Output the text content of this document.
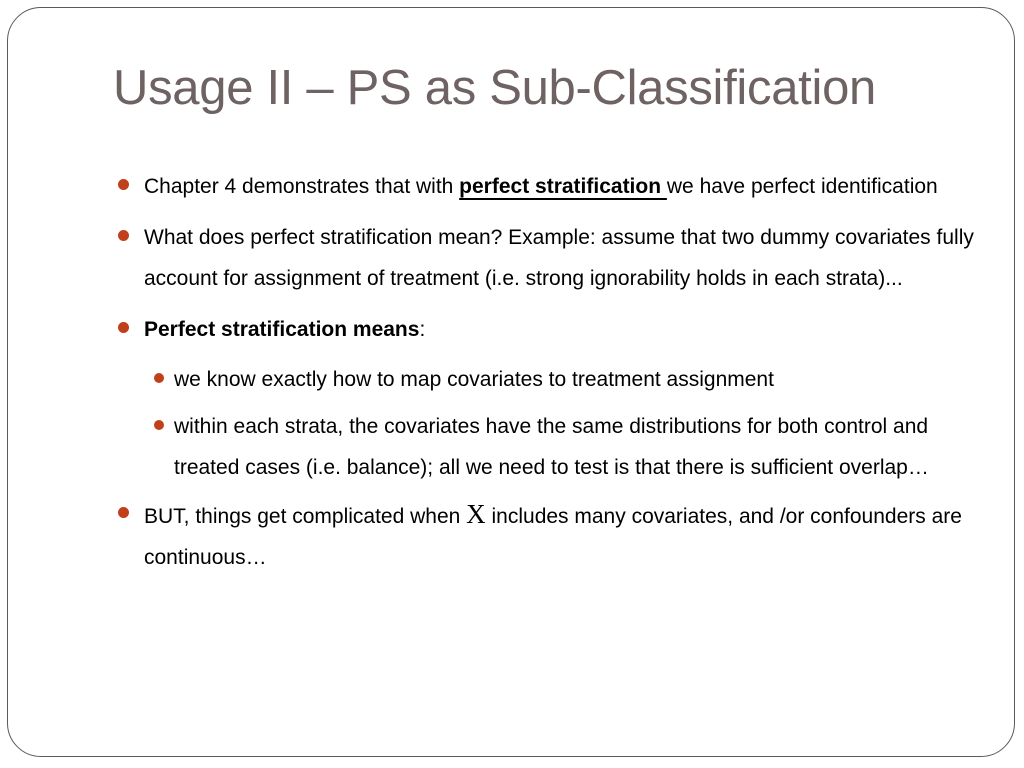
Usage II – PS as Sub-Classification
Chapter 4 demonstrates that with perfect stratification we have perfect identification
What does perfect stratification mean? Example: assume that two dummy covariates fully account for assignment of treatment (i.e. strong ignorability holds in each strata)...
Perfect stratification means:
we know exactly how to map covariates to treatment assignment
within each strata, the covariates have the same distributions for both control and treated cases (i.e. balance); all we need to test is that there is sufficient overlap…
BUT, things get complicated when X includes many covariates, and /or confounders are continuous…
